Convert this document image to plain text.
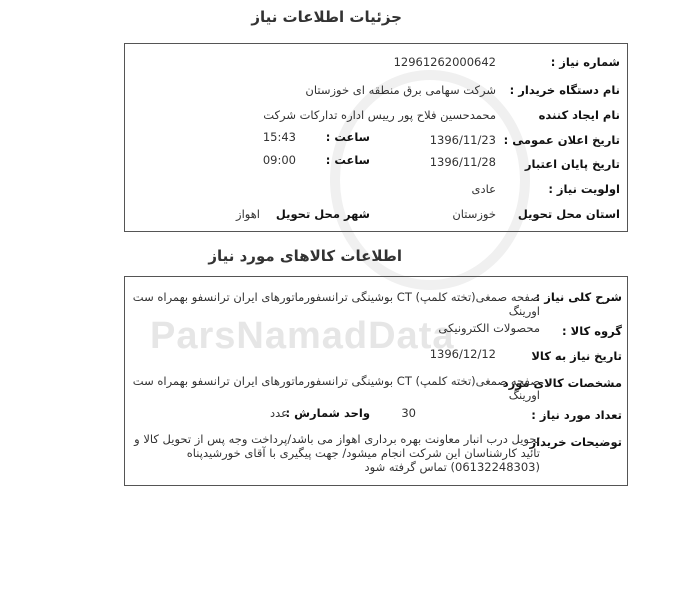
ParsNamadData
جزئیات اطلاعات نیاز
شماره نیاز :
12961262000642
نام دستگاه خریدار :
شرکت سهامی برق منطقه ای خوزستان
نام ایجاد کننده
محمدحسین فلاح پور رییس اداره تدارکات شرکت
تاریخ اعلان عمومی :
1396/11/23
ساعت :
15:43
تاریخ پایان اعتبار
1396/11/28
ساعت :
09:00
اولویت نیاز :
عادی
استان محل تحویل
خوزستان
شهر محل تحویل
اهواز
اطلاعات کالاهای مورد نیاز
شرح کلی نیاز :
صفحه صمغی(تخته کلمپ) CT بوشینگی ترانسفورماتورهای ایران ترانسفو بهمراه ست اورینگ
گروه کالا :
محصولات الکترونیکی
تاریخ نیاز به کالا
1396/12/12
مشخصات کالای مورد
صفحه صمغی(تخته کلمپ) CT بوشینگی ترانسفورماتورهای ایران ترانسفو بهمراه ست اورینگ
تعداد مورد نیاز :
30
واحد شمارش :
عدد
توضیحات خریدار
تحویل درب انبار معاونت بهره برداری اهواز می باشد/پرداخت وجه پس از تحویل کالا و تائید کارشناسان این شرکت انجام میشود/ جهت پیگیری با آقای خورشیدپناه (06132248303) تماس گرفته شود
